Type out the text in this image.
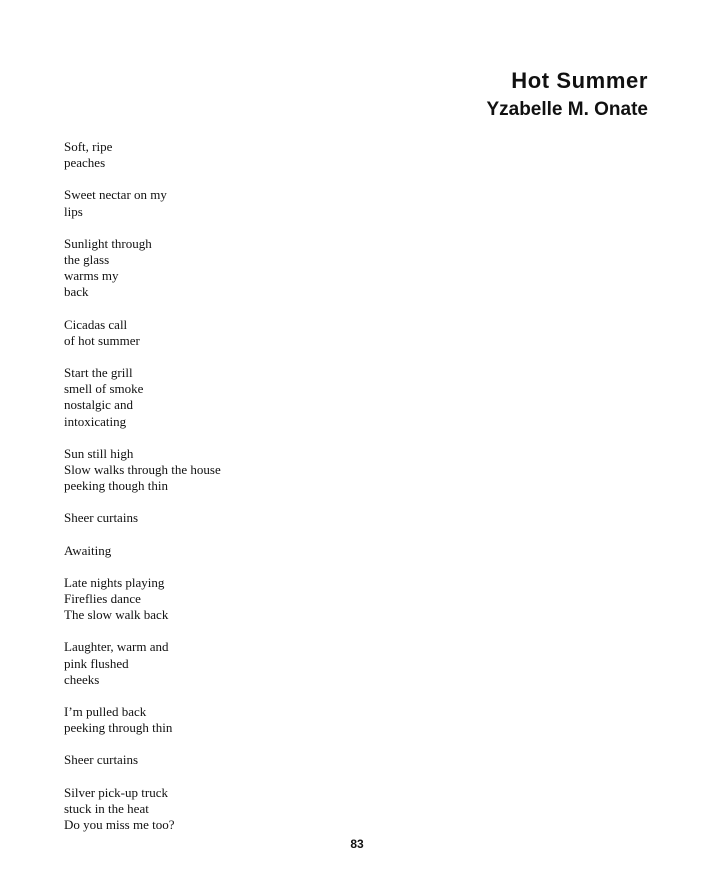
Hot Summer
Yzabelle M. Onate

Soft, ripe
peaches

Sweet nectar on my
lips

Sunlight through
the glass
warms my
back

Cicadas call
of hot summer

Start the grill
smell of smoke
nostalgic and
intoxicating

Sun still high
Slow walks through the house
peeking though thin

Sheer curtains

Awaiting

Late nights playing
Fireflies dance
The slow walk back

Laughter, warm and
pink flushed
cheeks

I’m pulled back
peeking through thin

Sheer curtains

Silver pick-up truck
stuck in the heat
Do you miss me too?

83
